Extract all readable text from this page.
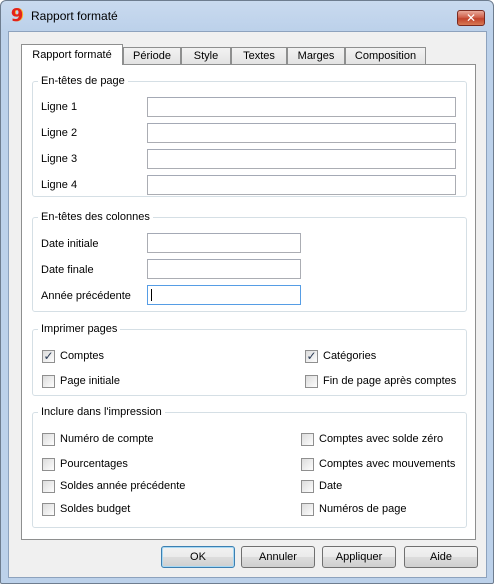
9 Rapport formaté	✕
Rapport formaté	Période	Style	Textes	Marges	Composition
En-têtes de page
Ligne 1
Ligne 2
Ligne 3
Ligne 4
En-têtes des colonnes
Date initiale
Date finale
Année précédente
Imprimer pages
✓ Comptes	✓ Catégories
Page initiale	Fin de page après comptes
Inclure dans l'impression
Numéro de compte	Comptes avec solde zéro
Pourcentages	Comptes avec mouvements
Soldes année précédente	Date
Soldes budget	Numéros de page
OK	Annuler	Appliquer	Aide
